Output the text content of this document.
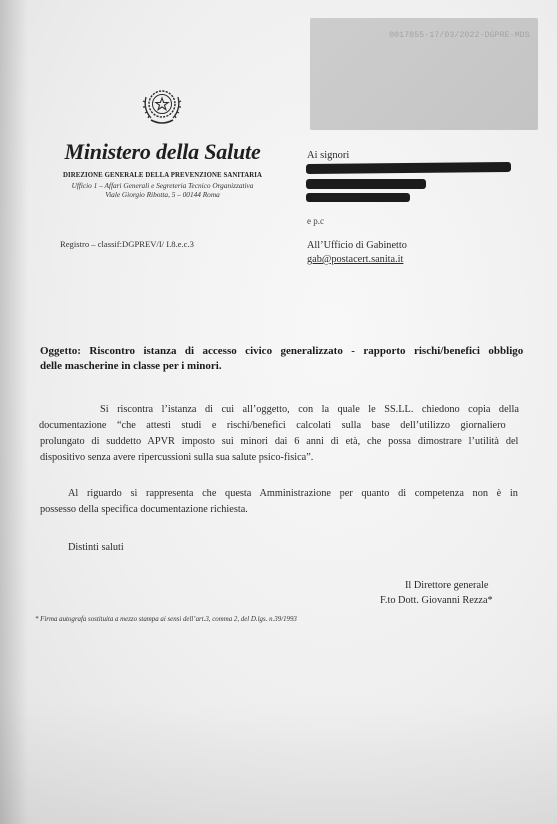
0017855-17/03/2022-DGPRE-MDS
Ministero della Salute
DIREZIONE GENERALE DELLA PREVENZIONE SANITARIA
Ufficio 1 – Affari Generali e Segreteria Tecnico Organizzativa
Viale Giorgio Ribotta, 5 – 00144 Roma
Registro – classif:DGPREV/I/ I.8.e.c.3
Ai signori
e p.c
All’Ufficio di Gabinetto
gab@postacert.sanita.it
Oggetto: Riscontro istanza di accesso civico generalizzato - rapporto rischi/benefici obbligo
delle mascherine in classe per i minori.
Si riscontra l’istanza di cui all’oggetto, con la quale le SS.LL. chiedono copia della
documentazione “che attesti studi e rischi/benefici calcolati sulla base dell’utilizzo giornaliero
prolungato di suddetto APVR imposto sui minori dai 6 anni di età, che possa dimostrare l’utilità del
dispositivo senza avere ripercussioni sulla sua salute psico-fisica”.
Al riguardo si rappresenta che questa Amministrazione per quanto di competenza non è in
possesso della specifica documentazione richiesta.
Distinti saluti
Il Direttore generale
F.to Dott. Giovanni Rezza*
* Firma autografa sostituita a mezzo stampa ai sensi dell’art.3, comma 2, del D.lgs. n.39/1993
